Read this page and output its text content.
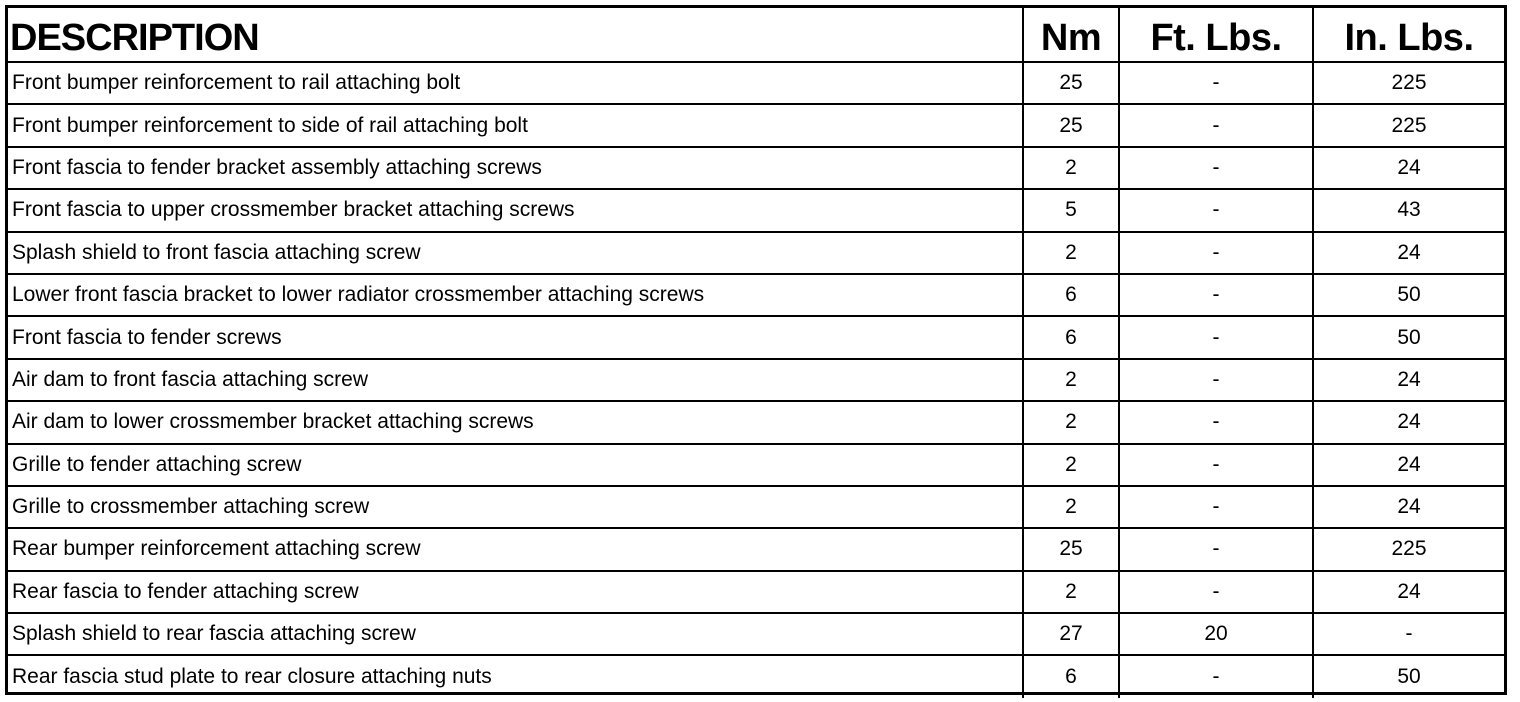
DESCRIPTION	Nm	Ft. Lbs.	In. Lbs.
Front bumper reinforcement to rail attaching bolt	25	-	225
Front bumper reinforcement to side of rail attaching bolt	25	-	225
Front fascia to fender bracket assembly attaching screws	2	-	24
Front fascia to upper crossmember bracket attaching screws	5	-	43
Splash shield to front fascia attaching screw	2	-	24
Lower front fascia bracket to lower radiator crossmember attaching screws	6	-	50
Front fascia to fender screws	6	-	50
Air dam to front fascia attaching screw	2	-	24
Air dam to lower crossmember bracket attaching screws	2	-	24
Grille to fender attaching screw	2	-	24
Grille to crossmember attaching screw	2	-	24
Rear bumper reinforcement attaching screw	25	-	225
Rear fascia to fender attaching screw	2	-	24
Splash shield to rear fascia attaching screw	27	20	-
Rear fascia stud plate to rear closure attaching nuts	6	-	50
